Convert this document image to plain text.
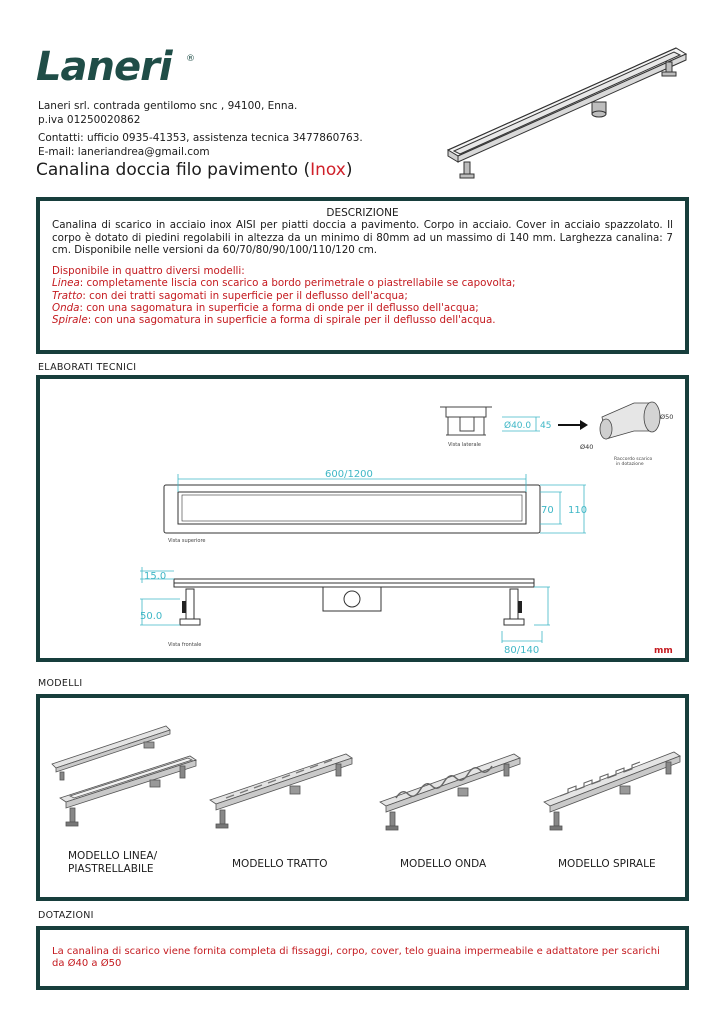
Laneri ®
Laneri srl. contrada gentilomo snc , 94100, Enna.
p.iva 01250020862
Contatti: ufficio 0935-41353, assistenza tecnica 3477860763.
E-mail: laneriandrea@gmail.com
Canalina doccia filo pavimento (Inox)
DESCRIZIONE
Canalina di scarico in acciaio inox AISI per piatti doccia a pavimento. Corpo in acciaio. Cover in acciaio spazzolato. Il corpo è dotato di piedini regolabili in altezza da un minimo di 80mm ad un massimo di 140 mm. Larghezza canalina: 7 cm. Disponibile nelle versioni da 60/70/80/90/100/110/120 cm.
Disponibile in quattro diversi modelli:
Linea: completamente liscia con scarico a bordo perimetrale o piastrellabile se capovolta;
Tratto: con dei tratti sagomati in superficie per il deflusso dell'acqua;
Onda: con una sagomatura in superficie a forma di onde per il deflusso dell'acqua;
Spirale: con una sagomatura in superficie a forma di spirale per il deflusso dell'acqua.
ELABORATI TECNICI
Vista laterale
Ø40.0 45
Ø50
Ø40
Raccordo scarico
in dotazione
Vista superiore
600/1200
70 110
Vista frontale
15.0
50.0
80/140	mm
MODELLI
MODELLO LINEA/
PIASTRELLABILE	MODELLO TRATTO	MODELLO ONDA	MODELLO SPIRALE
DOTAZIONI
La canalina di scarico viene fornita completa di fissaggi, corpo, cover, telo guaina impermeabile e adattatore per scarichi da Ø40 a Ø50
